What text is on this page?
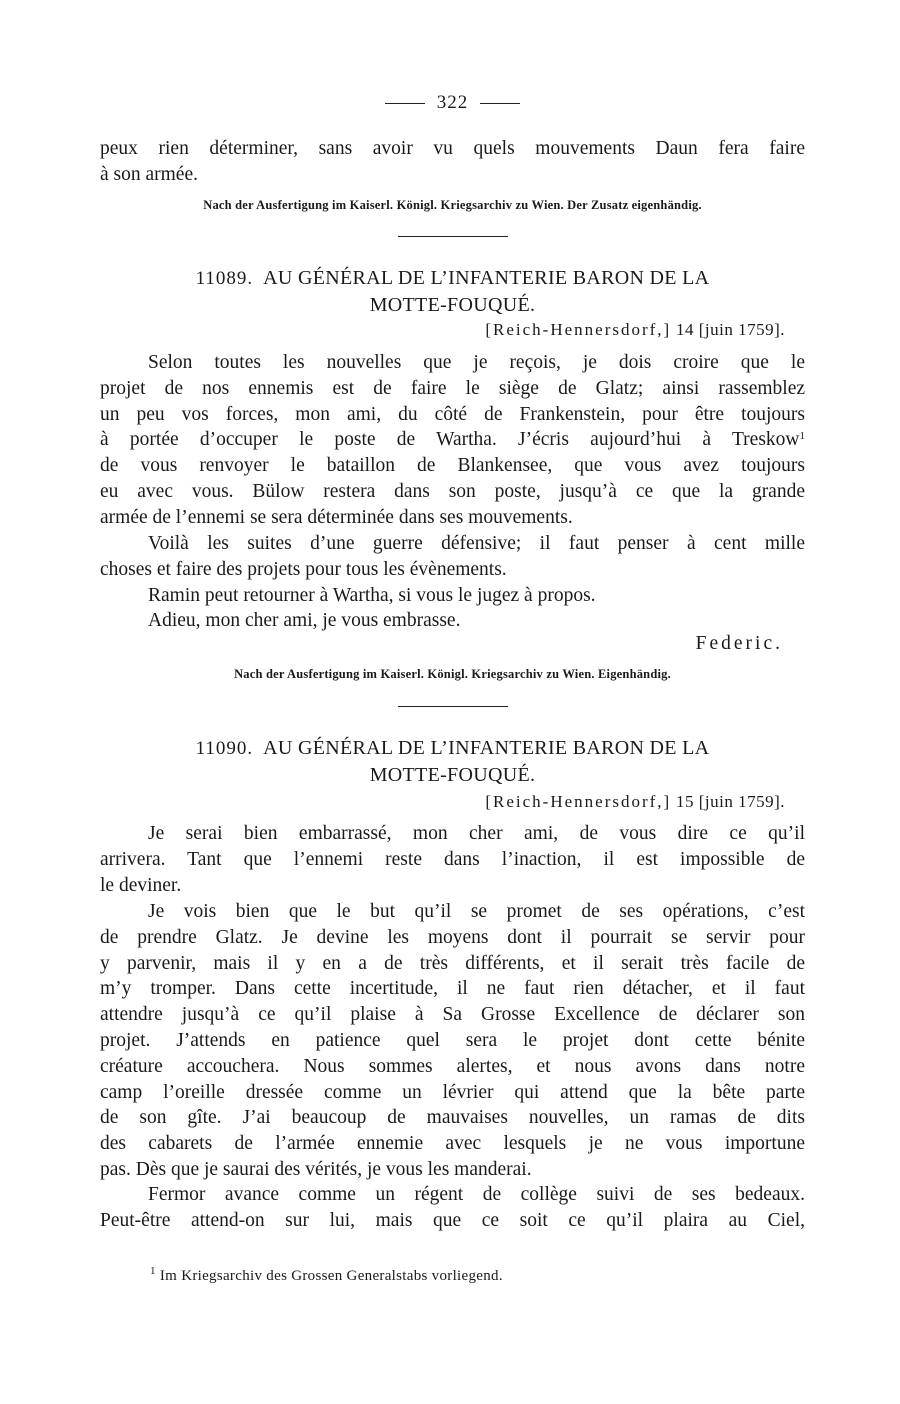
322
peux rien déterminer, sans avoir vu quels mouvements Daun fera faire
à son armée.
Nach der Ausfertigung im Kaiserl. Königl. Kriegsarchiv zu Wien. Der Zusatz eigenhändig.
11089. AU GÉNÉRAL DE L’INFANTERIE BARON DE LA
MOTTE-FOUQUÉ.
[Reich-Hennersdorf,] 14 [juin 1759].
Selon toutes les nouvelles que je reçois, je dois croire que le
projet de nos ennemis est de faire le siège de Glatz; ainsi rassemblez
un peu vos forces, mon ami, du côté de Frankenstein, pour être toujours
à portée d’occuper le poste de Wartha. J’écris aujourd’hui à Treskow$^1$
de vous renvoyer le bataillon de Blankensee, que vous avez toujours
eu avec vous. Bülow restera dans son poste, jusqu’à ce que la grande
armée de l’ennemi se sera déterminée dans ses mouvements.
Voilà les suites d’une guerre défensive; il faut penser à cent mille
choses et faire des projets pour tous les évènements.
Ramin peut retourner à Wartha, si vous le jugez à propos.
Adieu, mon cher ami, je vous embrasse.
Federic.
Nach der Ausfertigung im Kaiserl. Königl. Kriegsarchiv zu Wien. Eigenhändig.
11090. AU GÉNÉRAL DE L’INFANTERIE BARON DE LA
MOTTE-FOUQUÉ.
[Reich-Hennersdorf,] 15 [juin 1759].
Je serai bien embarrassé, mon cher ami, de vous dire ce qu’il
arrivera. Tant que l’ennemi reste dans l’inaction, il est impossible de
le deviner.
Je vois bien que le but qu’il se promet de ses opérations, c’est
de prendre Glatz. Je devine les moyens dont il pourrait se servir pour
y parvenir, mais il y en a de très différents, et il serait très facile de
m’y tromper. Dans cette incertitude, il ne faut rien détacher, et il faut
attendre jusqu’à ce qu’il plaise à Sa Grosse Excellence de déclarer son
projet. J’attends en patience quel sera le projet dont cette bénite
créature accouchera. Nous sommes alertes, et nous avons dans notre
camp l’oreille dressée comme un lévrier qui attend que la bête parte
de son gîte. J’ai beaucoup de mauvaises nouvelles, un ramas de dits
des cabarets de l’armée ennemie avec lesquels je ne vous importune
pas. Dès que je saurai des vérités, je vous les manderai.
Fermor avance comme un régent de collège suivi de ses bedeaux.
Peut-être attend-on sur lui, mais que ce soit ce qu’il plaira au Ciel,
$^1$ Im Kriegsarchiv des Grossen Generalstabs vorliegend.
